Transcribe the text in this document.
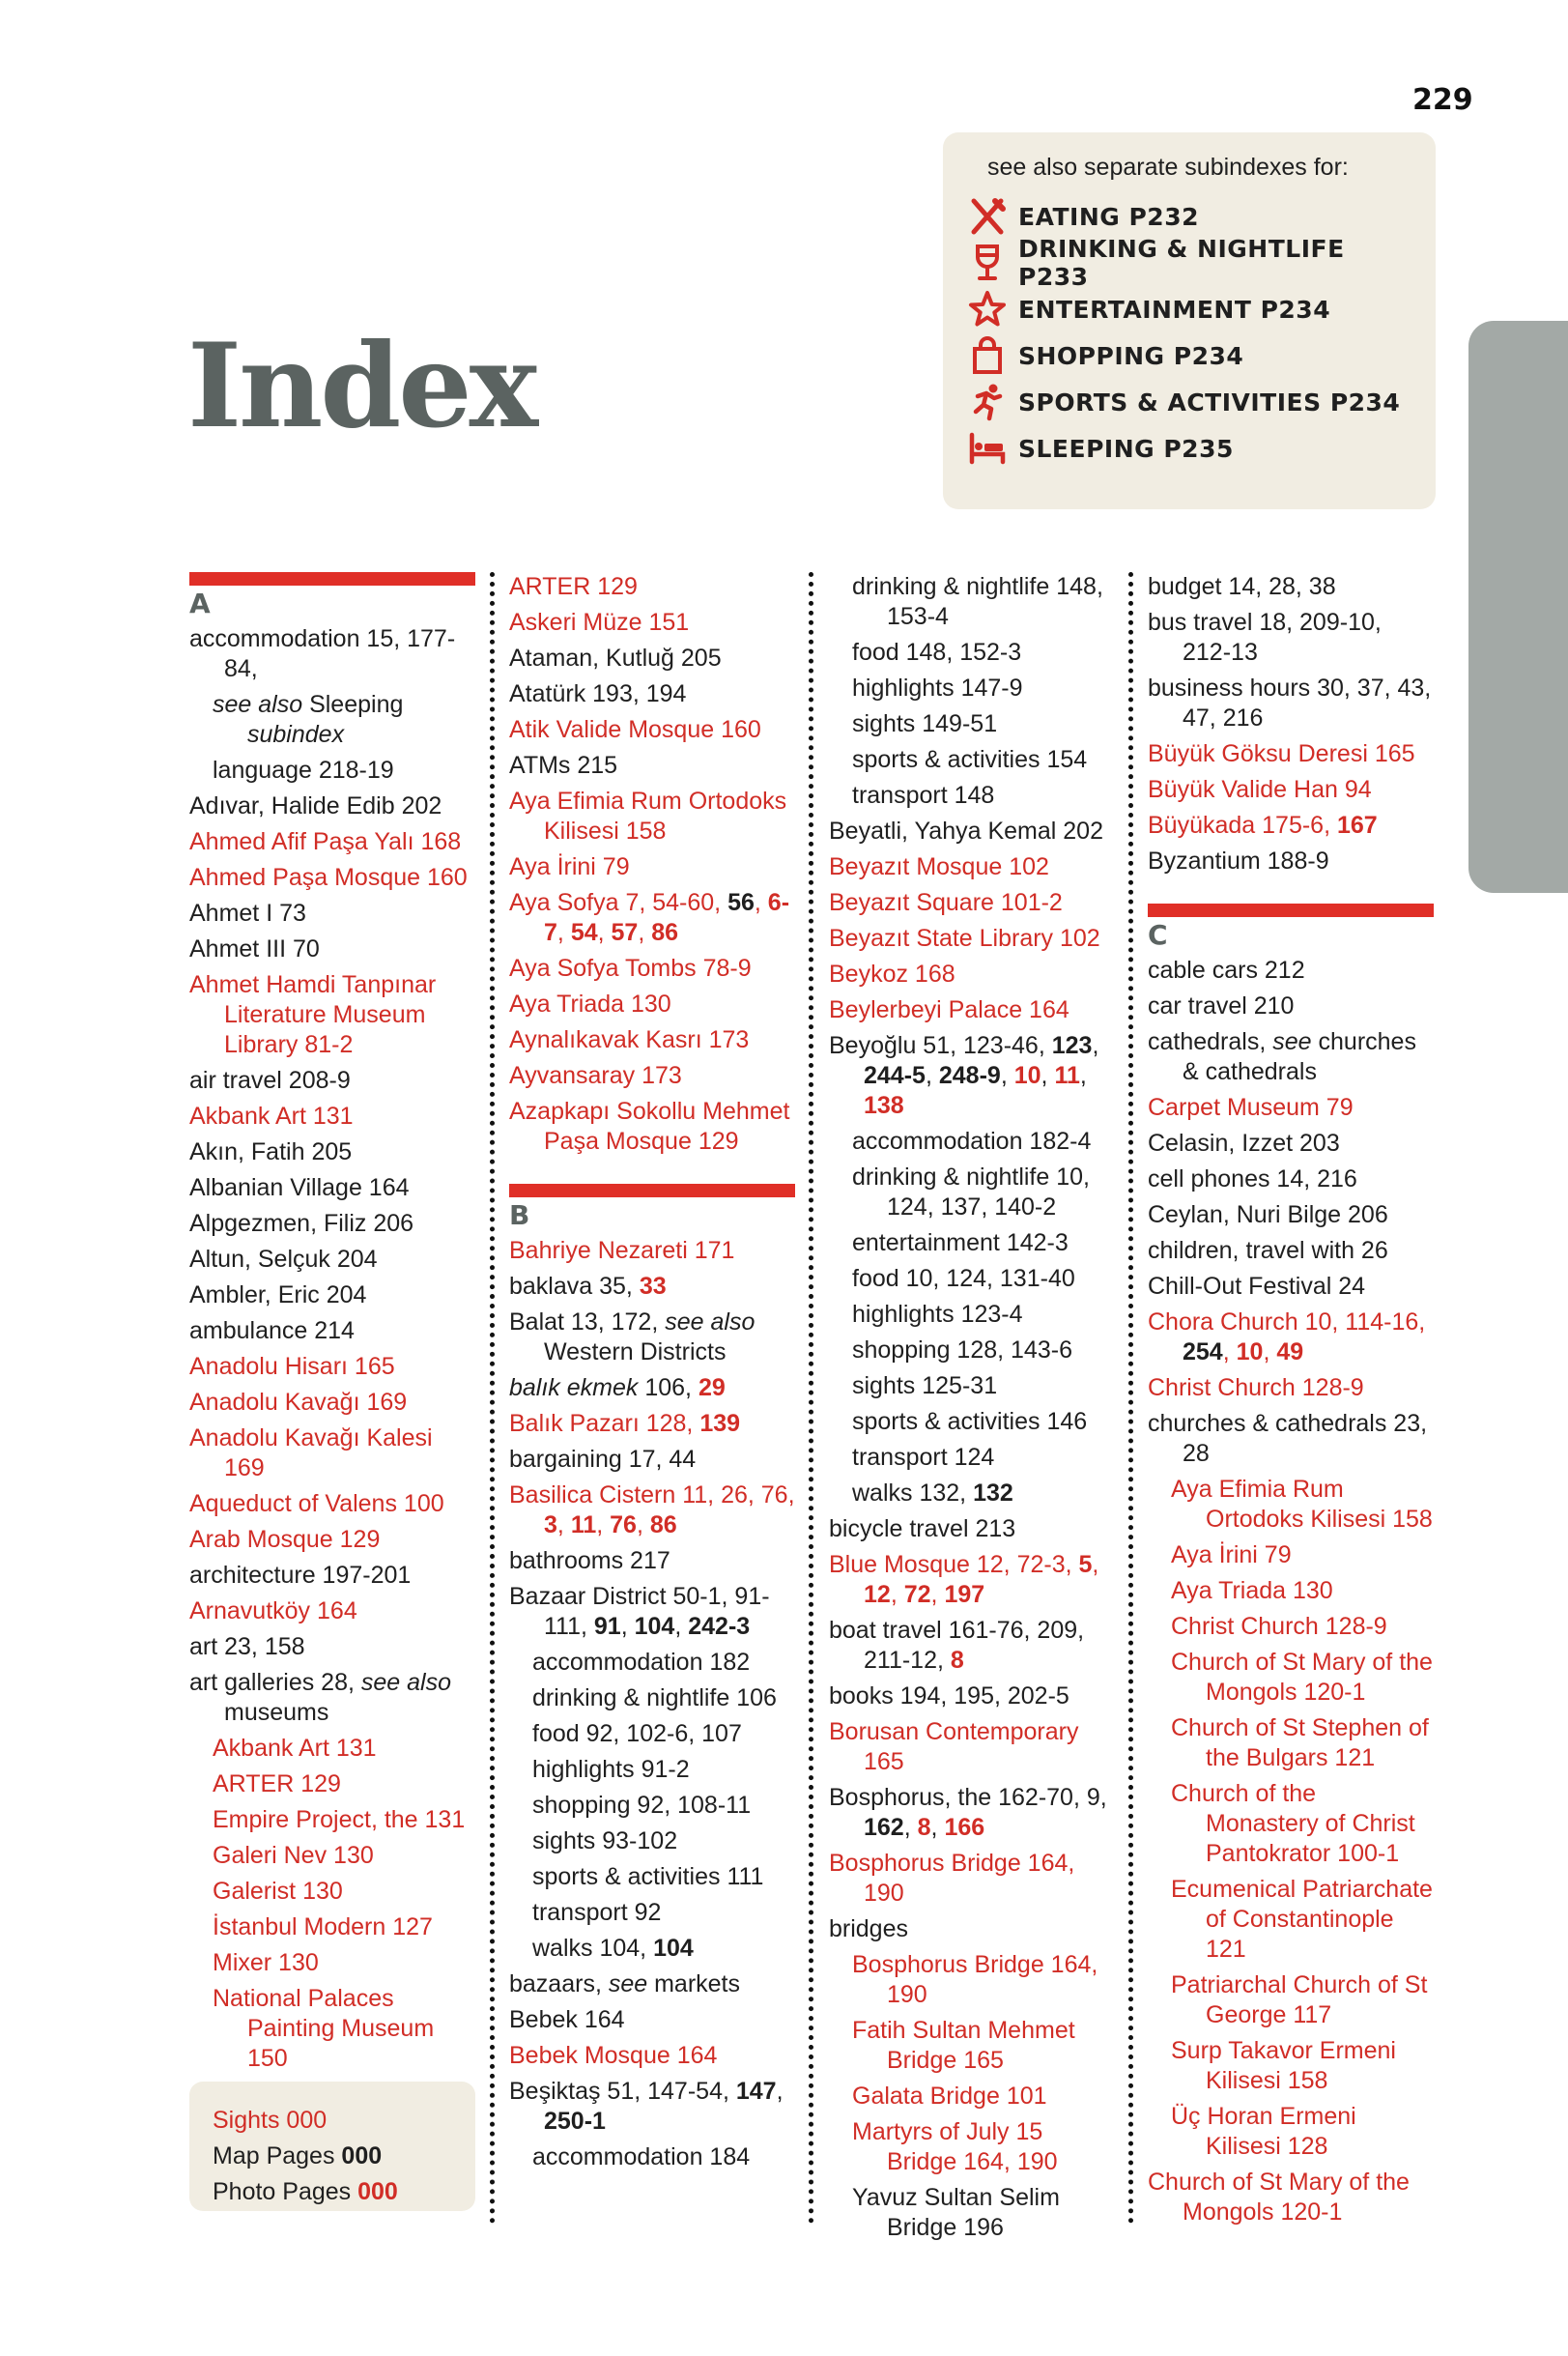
229
Index
see also separate subindexes for:
EATING P232
DRINKING & NIGHTLIFE P233
ENTERTAINMENT P234
SHOPPING P234
SPORTS & ACTIVITIES P234
SLEEPING P235
A
accommodation 15, 177-84,
see also Sleeping subindex
language 218-19
Adıvar, Halide Edib 202
Ahmed Afif Paşa Yalı 168
Ahmed Paşa Mosque 160
Ahmet I 73
Ahmet III 70
Ahmet Hamdi Tanpınar Literature Museum Library 81-2
air travel 208-9
Akbank Art 131
Akın, Fatih 205
Albanian Village 164
Alpgezmen, Filiz 206
Altun, Selçuk 204
Ambler, Eric 204
ambulance 214
Anadolu Hisarı 165
Anadolu Kavağı 169
Anadolu Kavağı Kalesi 169
Aqueduct of Valens 100
Arab Mosque 129
architecture 197-201
Arnavutköy 164
art 23, 158
art galleries 28, see also museums
Akbank Art 131
ARTER 129
Empire Project, the 131
Galeri Nev 130
Galerist 130
İstanbul Modern 127
Mixer 130
National Palaces Painting Museum 150
ARTER 129
Askeri Müze 151
Ataman, Kutluğ 205
Atatürk 193, 194
Atik Valide Mosque 160
ATMs 215
Aya Efimia Rum Ortodoks Kilisesi 158
Aya İrini 79
Aya Sofya 7, 54-60, 56, 6-7, 54, 57, 86
Aya Sofya Tombs 78-9
Aya Triada 130
Aynalıkavak Kasrı 173
Ayvansaray 173
Azapkapı Sokollu Mehmet Paşa Mosque 129
B
Bahriye Nezareti 171
baklava 35, 33
Balat 13, 172, see also Western Districts
balık ekmek 106, 29
Balık Pazarı 128, 139
bargaining 17, 44
Basilica Cistern 11, 26, 76, 3, 11, 76, 86
bathrooms 217
Bazaar District 50-1, 91-111, 91, 104, 242-3
accommodation 182
drinking & nightlife 106
food 92, 102-6, 107
highlights 91-2
shopping 92, 108-11
sights 93-102
sports & activities 111
transport 92
walks 104, 104
bazaars, see markets
Bebek 164
Bebek Mosque 164
Beşiktaş 51, 147-54, 147, 250-1
accommodation 184
drinking & nightlife 148, 153-4
food 148, 152-3
highlights 147-9
sights 149-51
sports & activities 154
transport 148
Beyatli, Yahya Kemal 202
Beyazıt Mosque 102
Beyazıt Square 101-2
Beyazıt State Library 102
Beykoz 168
Beylerbeyi Palace 164
Beyoğlu 51, 123-46, 123, 244-5, 248-9, 10, 11, 138
accommodation 182-4
drinking & nightlife 10, 124, 137, 140-2
entertainment 142-3
food 10, 124, 131-40
highlights 123-4
shopping 128, 143-6
sights 125-31
sports & activities 146
transport 124
walks 132, 132
bicycle travel 213
Blue Mosque 12, 72-3, 5, 12, 72, 197
boat travel 161-76, 209, 211-12, 8
books 194, 195, 202-5
Borusan Contemporary 165
Bosphorus, the 162-70, 9, 162, 8, 166
Bosphorus Bridge 164, 190
bridges
Bosphorus Bridge 164, 190
Fatih Sultan Mehmet Bridge 165
Galata Bridge 101
Martyrs of July 15 Bridge 164, 190
Yavuz Sultan Selim Bridge 196
budget 14, 28, 38
bus travel 18, 209-10, 212-13
business hours 30, 37, 43, 47, 216
Büyük Göksu Deresi 165
Büyük Valide Han 94
Büyükada 175-6, 167
Byzantium 188-9
C
cable cars 212
car travel 210
cathedrals, see churches & cathedrals
Carpet Museum 79
Celasin, Izzet 203
cell phones 14, 216
Ceylan, Nuri Bilge 206
children, travel with 26
Chill-Out Festival 24
Chora Church 10, 114-16, 254, 10, 49
Christ Church 128-9
churches & cathedrals 23, 28
Aya Efimia Rum Ortodoks Kilisesi 158
Aya İrini 79
Aya Triada 130
Christ Church 128-9
Church of St Mary of the Mongols 120-1
Church of St Stephen of the Bulgars 121
Church of the Monastery of Christ Pantokrator 100-1
Ecumenical Patriarchate of Constantinople 121
Patriarchal Church of St George 117
Surp Takavor Ermeni Kilisesi 158
Üç Horan Ermeni Kilisesi 128
Church of St Mary of the Mongols 120-1
Sights 000
Map Pages 000
Photo Pages 000
